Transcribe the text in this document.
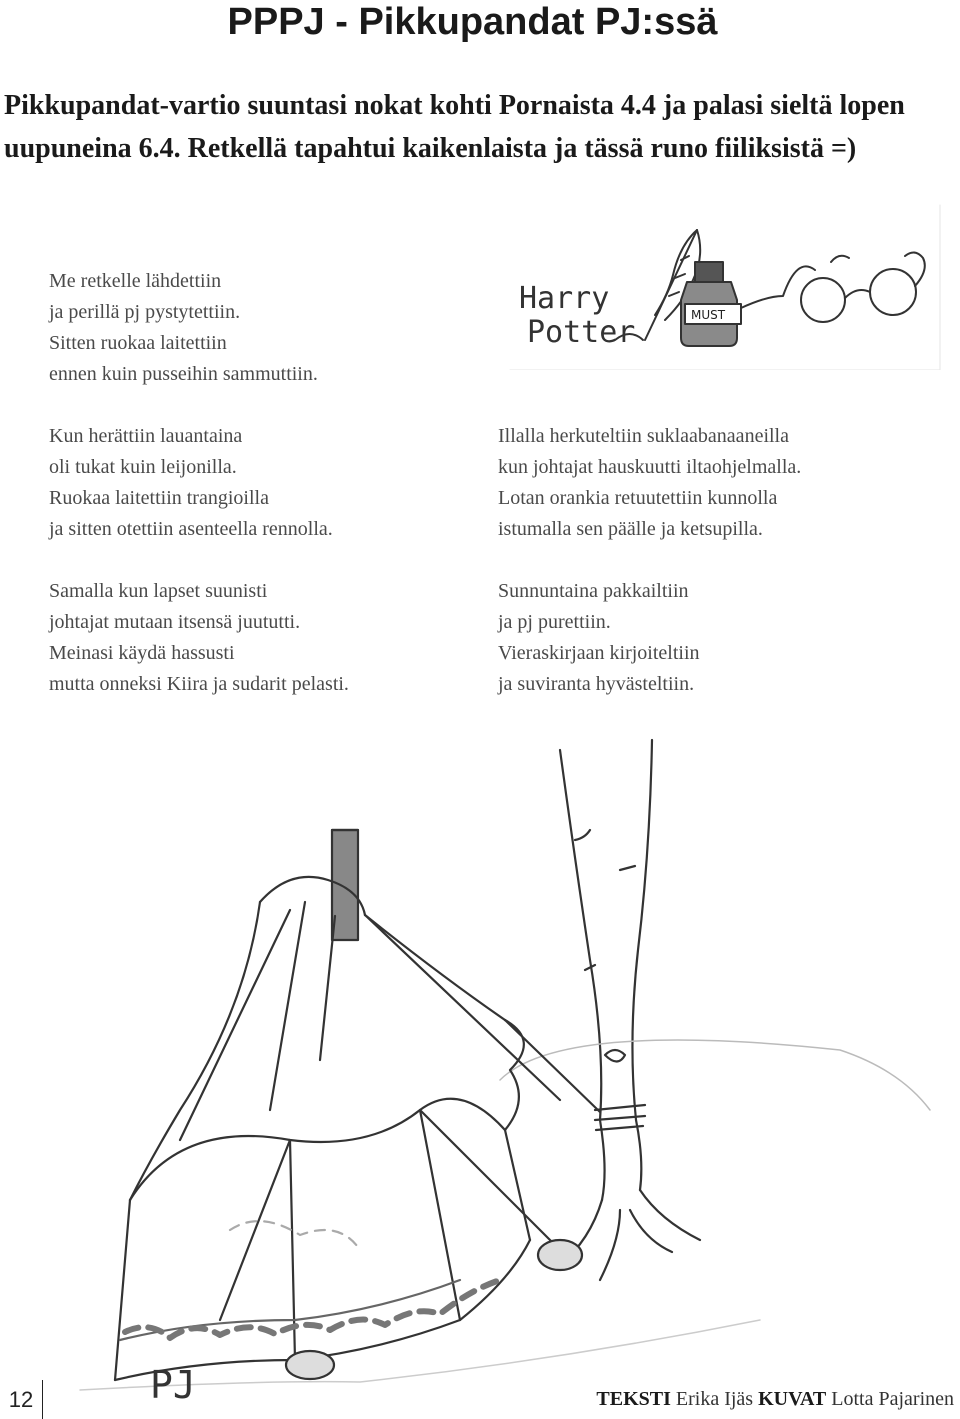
PPPJ - Pikkupandat PJ:ssä

Pikkupandat-vartio suuntasi nokat kohti Pornaista 4.4 ja palasi sieltä lopen uupuneina 6.4. Retkellä tapahtui kaikenlaista ja tässä runo fiiliksistä =)

Me retkelle lähdettiin
ja perillä pj pystytettiin.
Sitten ruokaa laitettiin
ennen kuin pusseihin sammuttiin.
Kun herättiin lauantaina
oli tukat kuin leijonilla.
Ruokaa laitettiin trangioilla
ja sitten otettiin asenteella rennolla.
Samalla kun lapset suunisti
johtajat mutaan itsensä juututti.
Meinasi käydä hassusti
mutta onneksi Kiira ja sudarit pelasti.
Illalla herkuteltiin suklaabanaaneilla
kun johtajat hauskuutti iltaohjelmalla.
Lotan orankia retuutettiin kunnolla
istumalla sen päälle ja ketsupilla.
Sunnuntaina pakkailtiin
ja pj purettiin.
Vieraskirjaan kirjoiteltiin
ja suviranta hyvästeltiin.
Harry
Potter	MUST
PJ
12	TEKSTI Erika Ijäs KUVAT Lotta Pajarinen
